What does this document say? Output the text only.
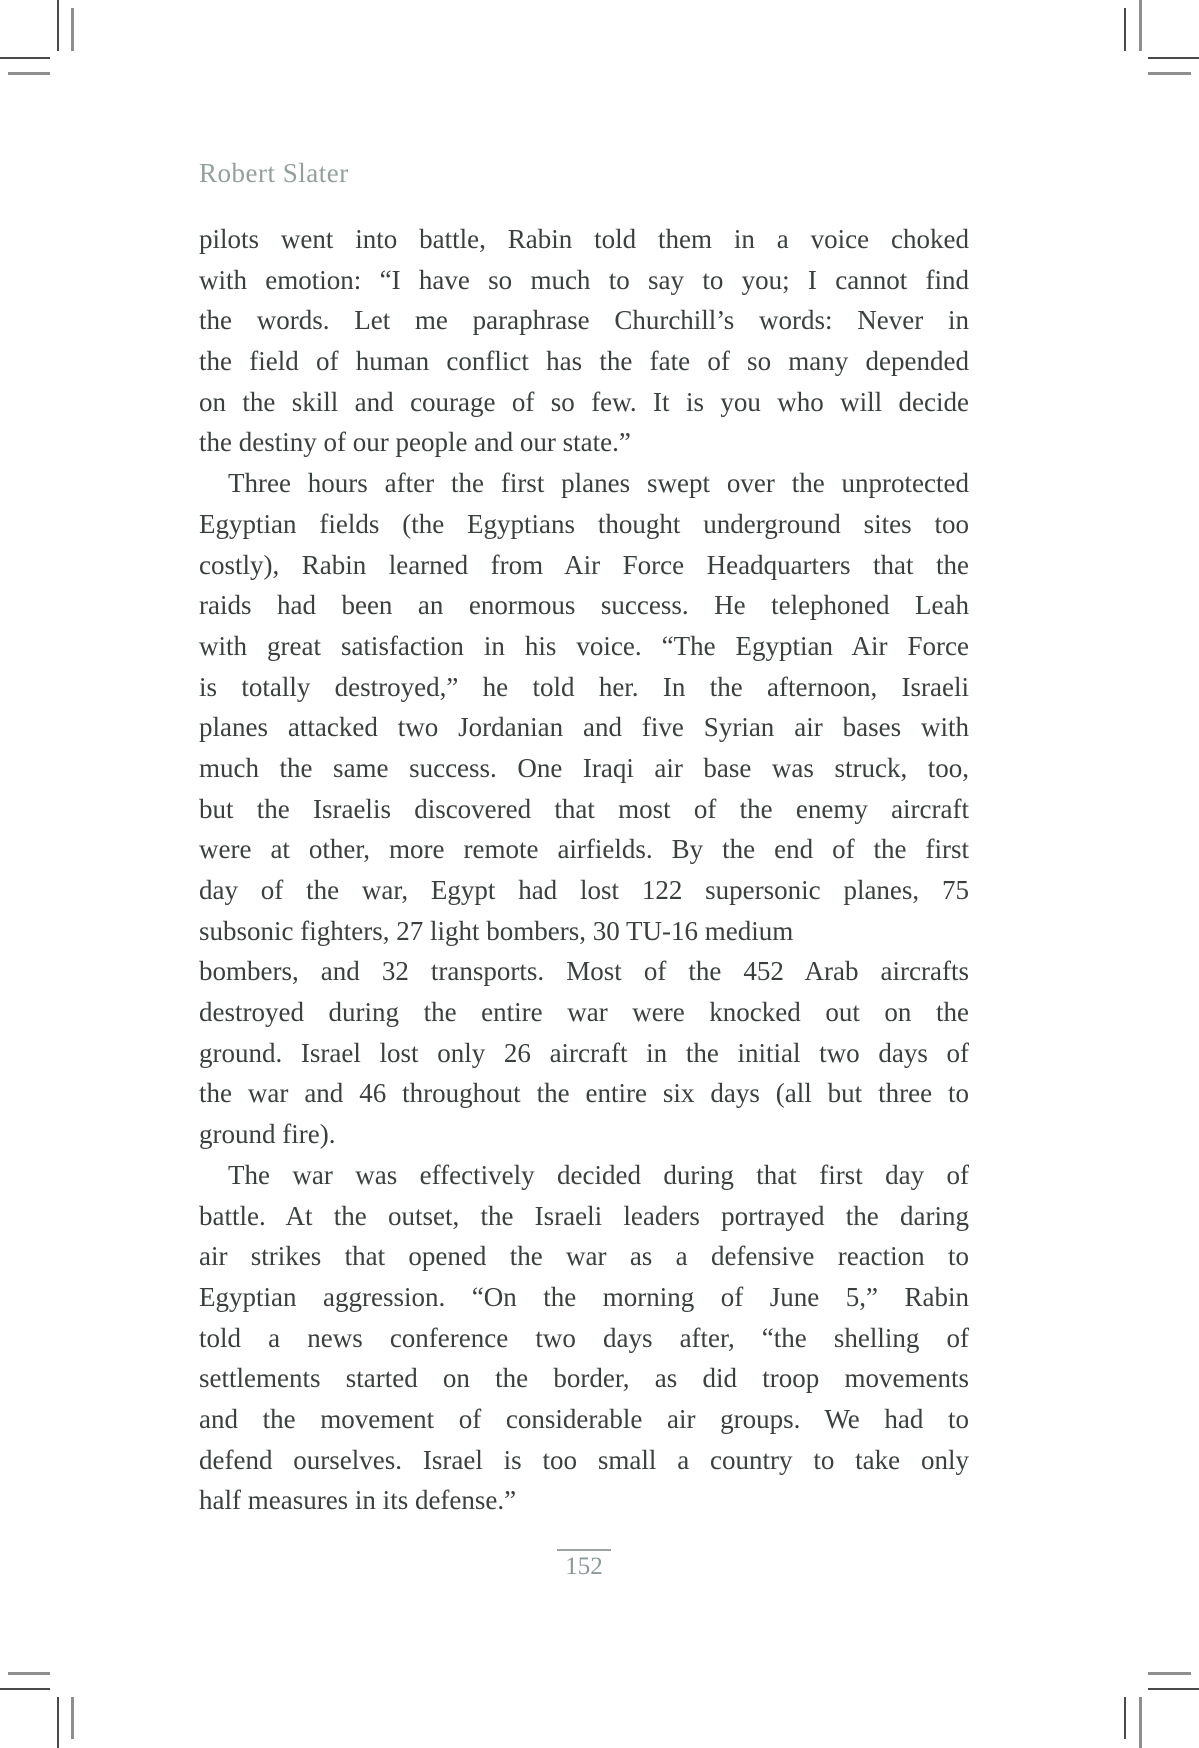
Robert Slater
pilots went into battle, Rabin told them in a voice choked
with emotion: “I have so much to say to you; I cannot find
the words. Let me paraphrase Churchill’s words: Never in
the field of human conflict has the fate of so many depended
on the skill and courage of so few. It is you who will decide
the destiny of our people and our state.”
Three hours after the first planes swept over the unprotected
Egyptian fields (the Egyptians thought underground sites too
costly), Rabin learned from Air Force Headquarters that the
raids had been an enormous success. He telephoned Leah
with great satisfaction in his voice. “The Egyptian Air Force
is totally destroyed,” he told her. In the afternoon, Israeli
planes attacked two Jordanian and five Syrian air bases with
much the same success. One Iraqi air base was struck, too,
but the Israelis discovered that most of the enemy aircraft
were at other, more remote airfields. By the end of the first
day of the war, Egypt had lost 122 supersonic planes, 75
subsonic fighters, 27 light bombers, 30 TU-16 medium
bombers, and 32 transports. Most of the 452 Arab aircrafts
destroyed during the entire war were knocked out on the
ground. Israel lost only 26 aircraft in the initial two days of
the war and 46 throughout the entire six days (all but three to
ground fire).
The war was effectively decided during that first day of
battle. At the outset, the Israeli leaders portrayed the daring
air strikes that opened the war as a defensive reaction to
Egyptian aggression. “On the morning of June 5,” Rabin
told a news conference two days after, “the shelling of
settlements started on the border, as did troop movements
and the movement of considerable air groups. We had to
defend ourselves. Israel is too small a country to take only
half measures in its defense.”
152
